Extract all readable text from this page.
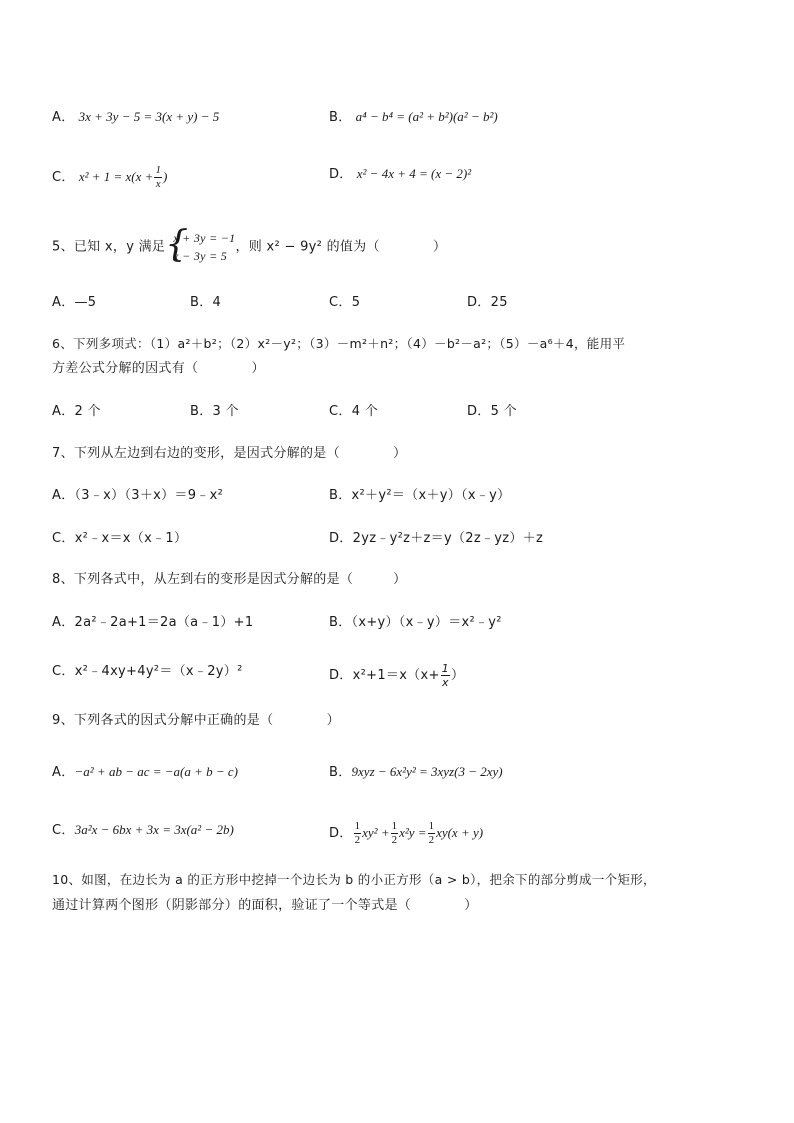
A． 3x + 3y − 5 = 3(x + y) − 5	B． a⁴ − b⁴ = (a² + b²)(a² − b²)
C． $x^2 + 1 = x(x + \frac{1}{x}$ )	D． x² − 4x + 4 = (x − 2)²
5、已知 x，y 满足 {
x + 3y = −1
x − 3y = 5
，则 x² − 9y² 的值为（　　　　）
A．—5	B．4	C．5	D．25
6、下列多项式：（1）a²＋b²；（2）x²－y²；（3）－m²＋n²；（4）－b²－a²；（5）－a⁶＋4，能用平
方差公式分解的因式有（　　　　）
A．2 个	B．3 个	C．4 个	D．5 个
7、下列从左边到右边的变形，是因式分解的是（　　　　）
A．（3﹣x）（3＋x）＝9﹣x²	B．x²＋y²＝（x＋y）（x﹣y）
C．x²﹣x＝x（x﹣1）	D．2yz﹣y²z＋z＝y（2z﹣yz）＋z
8、下列各式中，从左到右的变形是因式分解的是（　　　）
A．2a²﹣2a+1＝2a（a﹣1）+1	B．（x+y）（x﹣y）＝x²﹣y²
C．x²﹣4xy+4y²＝（x﹣2y）²	D．$x^2+1=x(x+ \frac{1}{x}$ ）
9、下列各式的因式分解中正确的是（　　　　）
A．−a² + ab − ac = −a(a + b − c)	B．9xyz − 6x²y² = 3xyz(3 − 2xy)
C．3a²x − 6bx + 3x = 3x(a² − 2b)	D． $\frac{1}{2} xy^2 + \frac{1}{2} x^2y = \frac{1}{2} xy(x + y)$
10、如图，在边长为 a 的正方形中挖掉一个边长为 b 的小正方形（a > b），把余下的部分剪成一个矩形，
通过计算两个图形（阴影部分）的面积，验证了一个等式是（　　　　）
